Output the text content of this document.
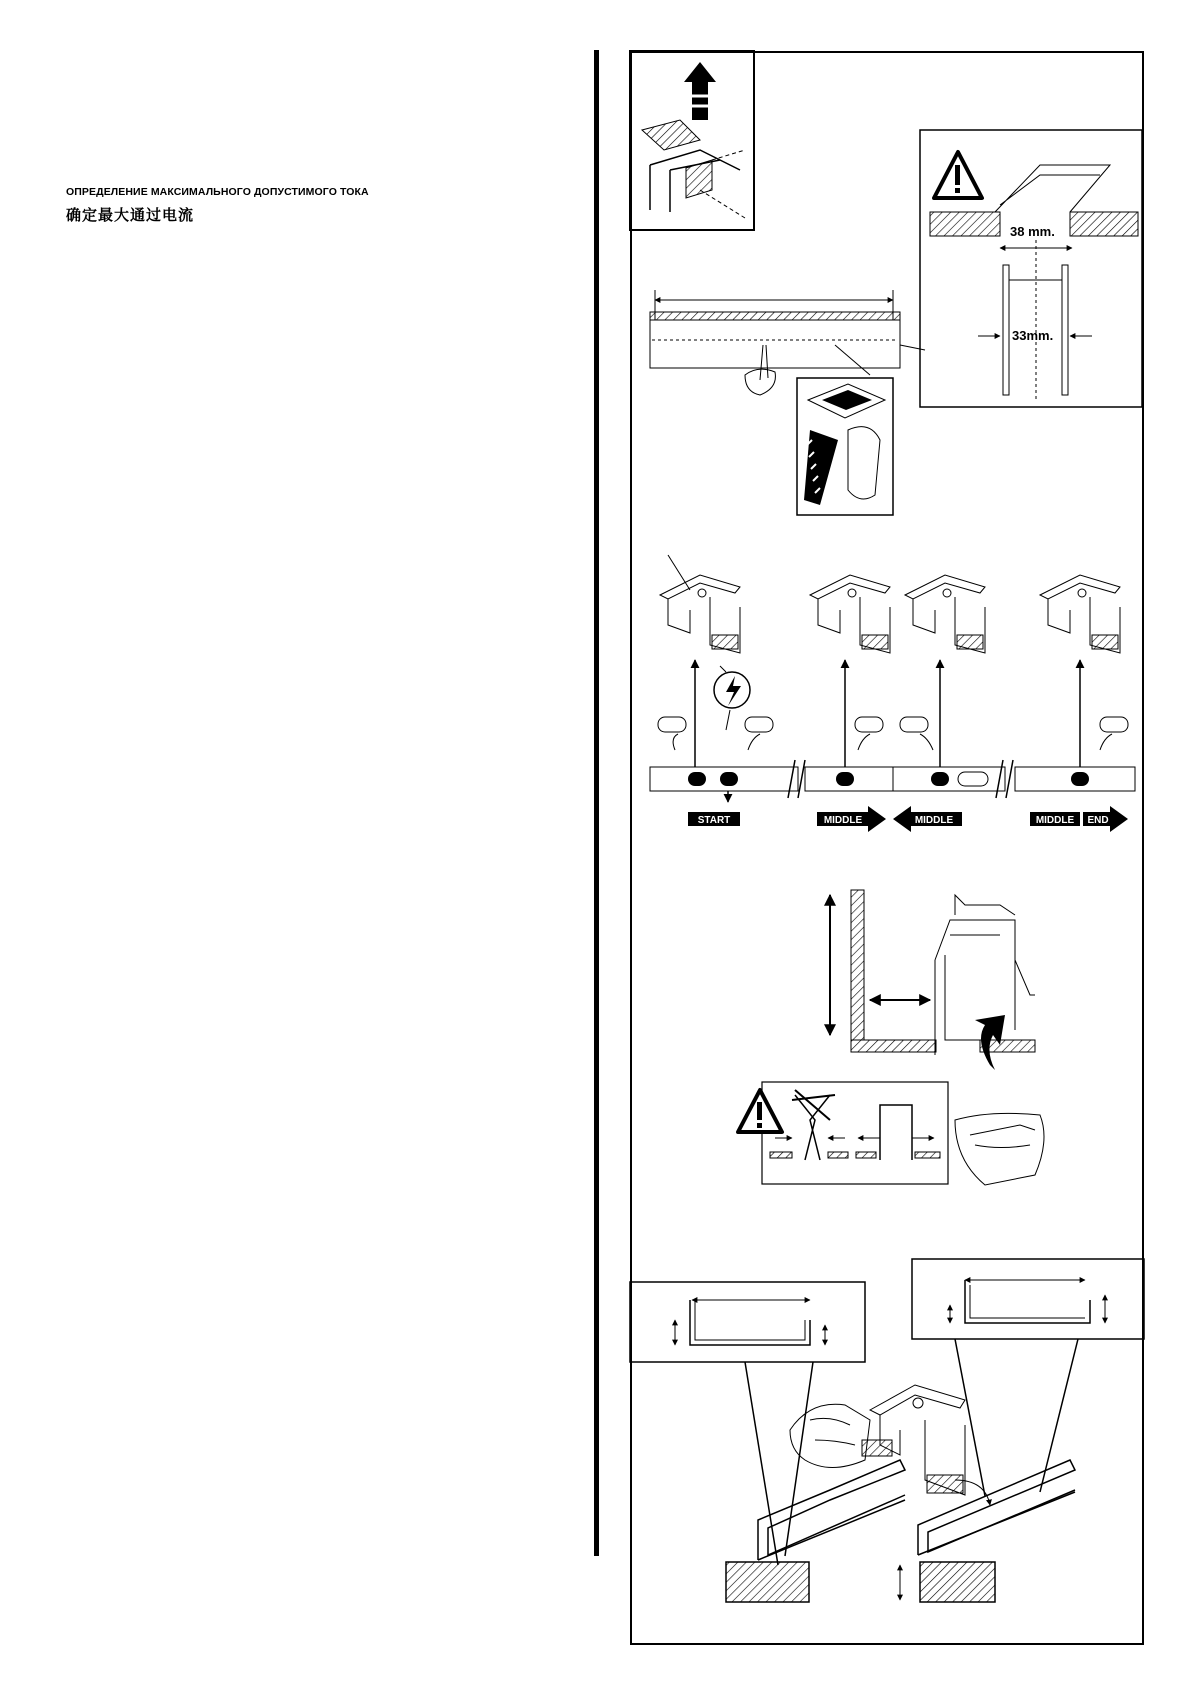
ОПРЕДЕЛЕНИЕ МАКСИМАЛЬНОГО ДОПУСТИМОГО ТОКА
确定最大通过电流
38 mm.
33mm.
START	MIDDLE	MIDDLE	MIDDLE END
